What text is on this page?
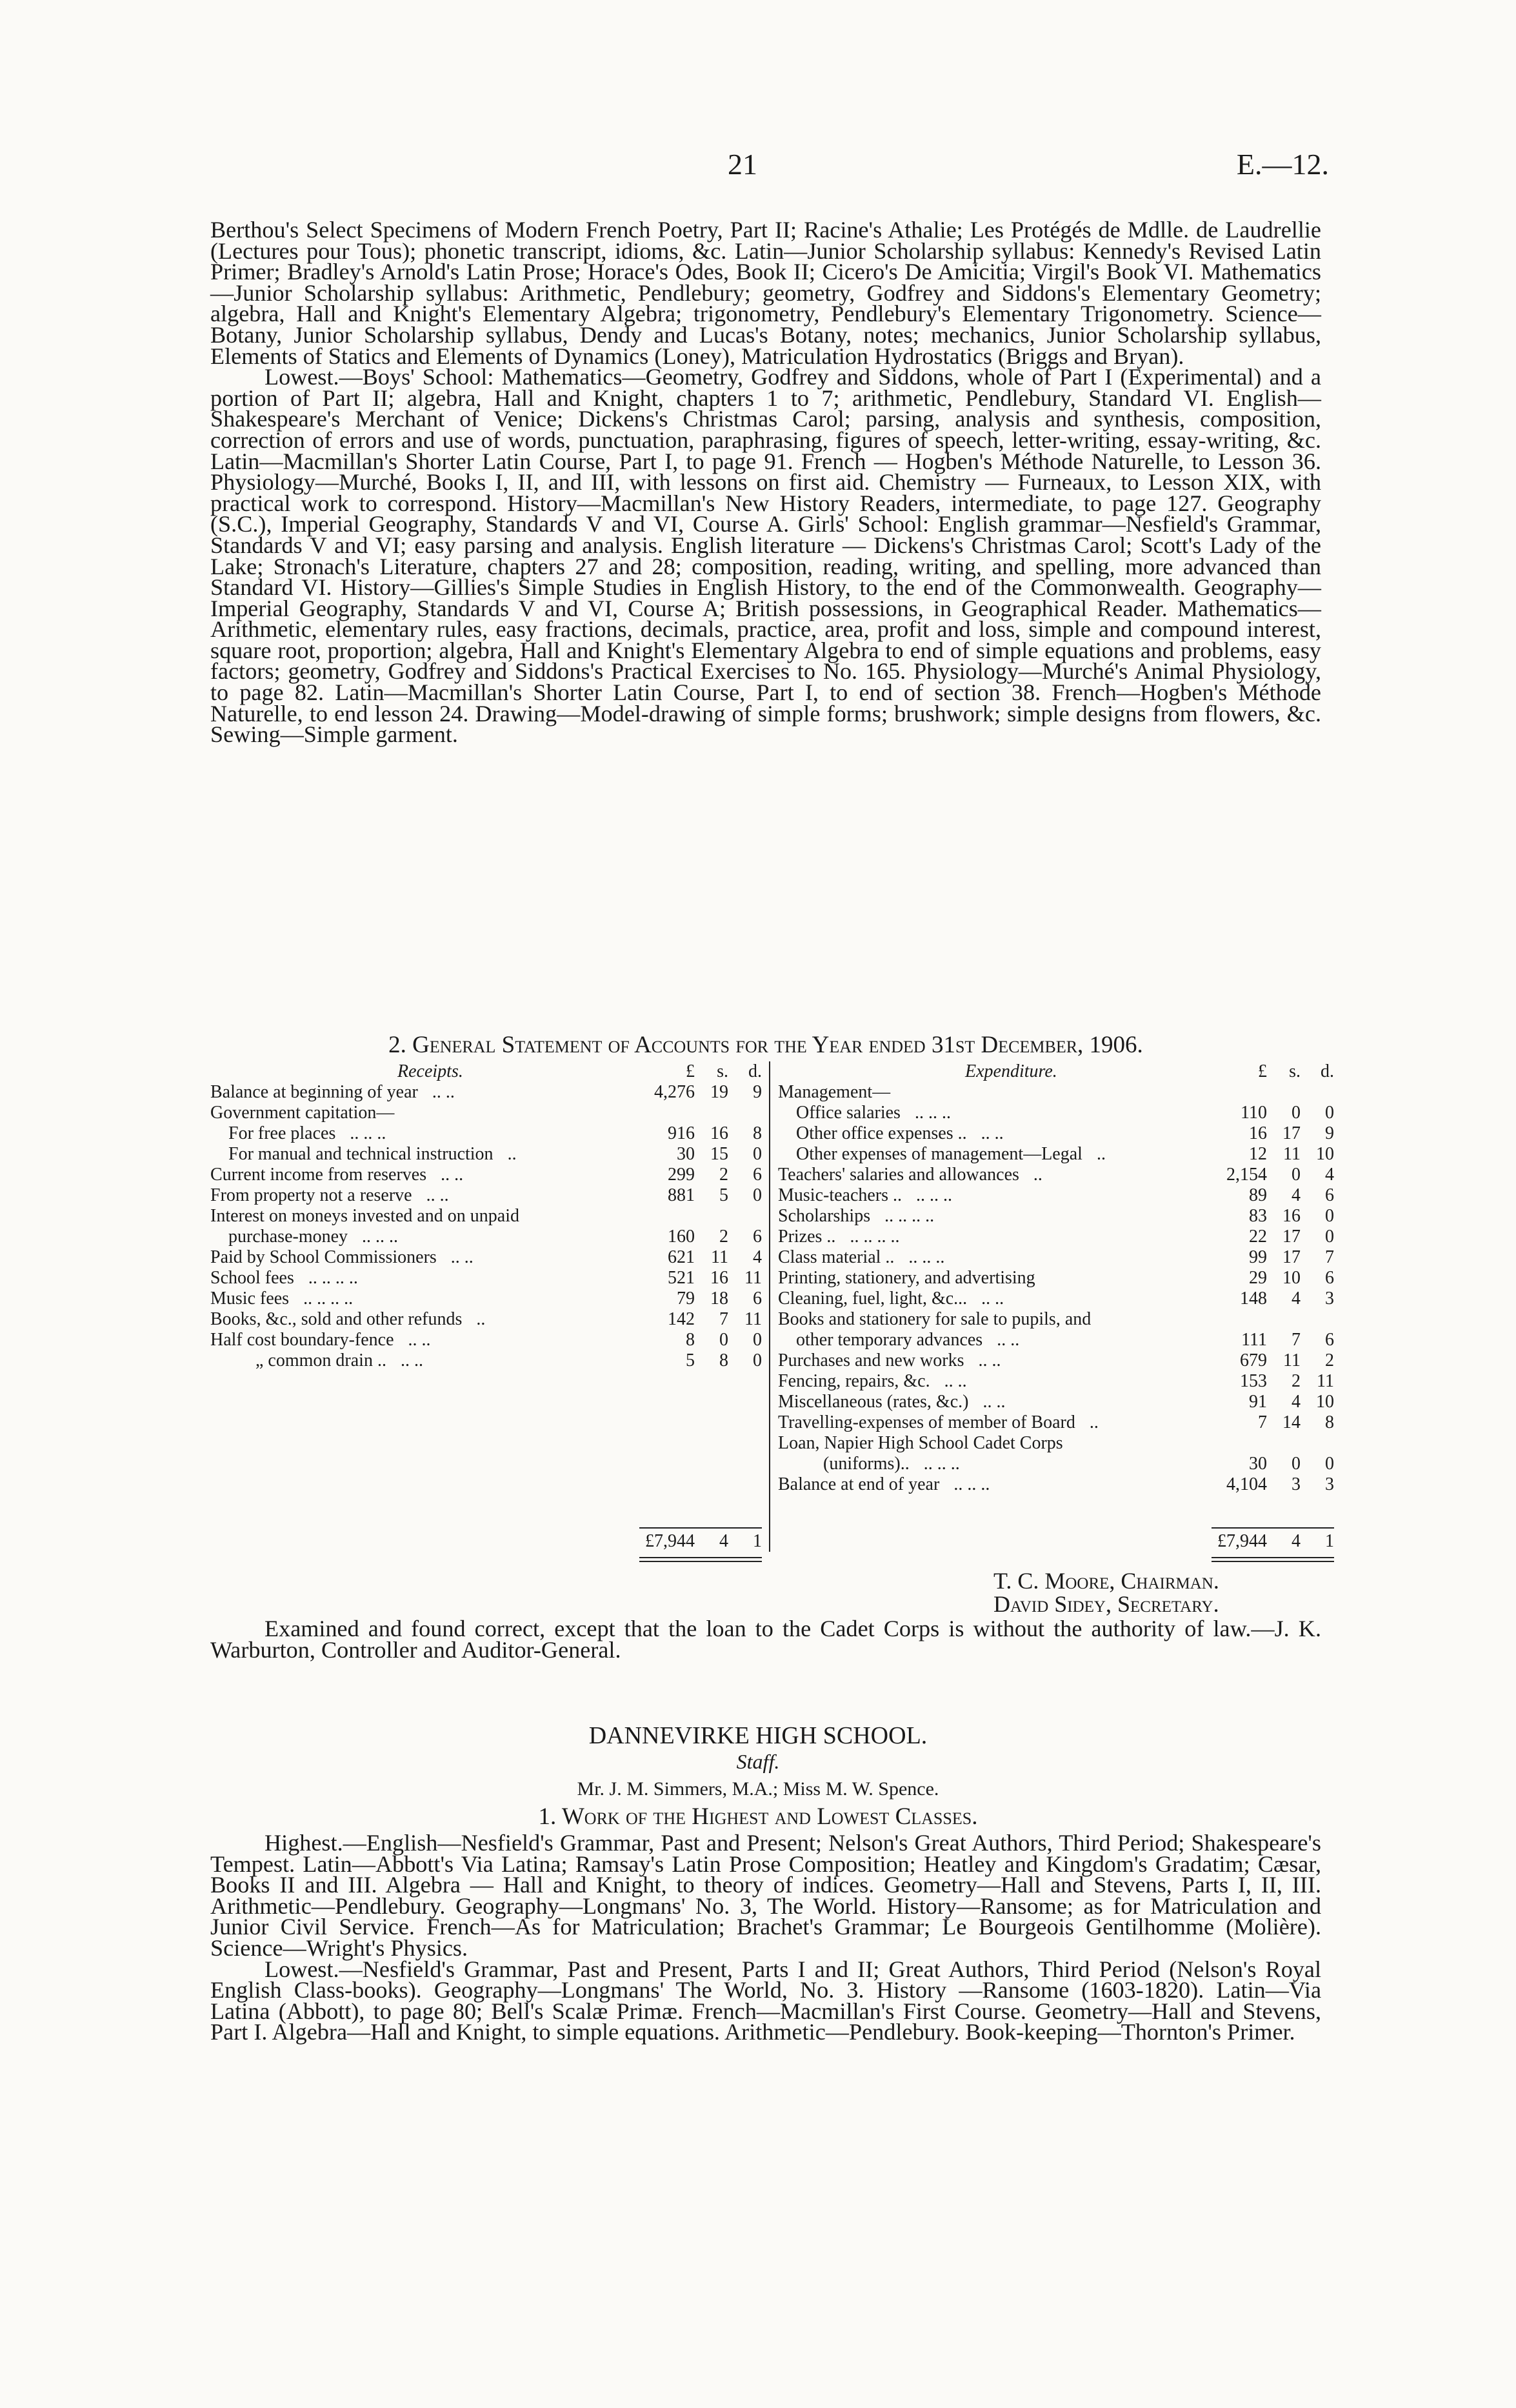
21	E.—12.

Berthou's Select Specimens of Modern French Poetry, Part II; Racine's Athalie; Les Protégés de Mdlle. de Laudrellie (Lectures pour Tous); phonetic transcript, idioms, &c. Latin—Junior Scholarship syllabus: Kennedy's Revised Latin Primer; Bradley's Arnold's Latin Prose; Horace's Odes, Book II; Cicero's De Amicitia; Virgil's Book VI. Mathematics—Junior Scholarship syllabus: Arithmetic, Pendlebury; geometry, Godfrey and Siddons's Elementary Geometry; algebra, Hall and Knight's Elementary Algebra; trigonometry, Pendlebury's Elementary Trigonometry. Science—Botany, Junior Scholarship syllabus, Dendy and Lucas's Botany, notes; mechanics, Junior Scholarship syllabus, Elements of Statics and Elements of Dynamics (Loney), Matriculation Hydrostatics (Briggs and Bryan).

Lowest.—Boys' School: Mathematics—Geometry, Godfrey and Siddons, whole of Part I (Experimental) and a portion of Part II; algebra, Hall and Knight, chapters 1 to 7; arithmetic, Pendlebury, Standard VI. English—Shakespeare's Merchant of Venice; Dickens's Christmas Carol; parsing, analysis and synthesis, composition, correction of errors and use of words, punctuation, paraphrasing, figures of speech, letter-writing, essay-writing, &c. Latin—Macmillan's Shorter Latin Course, Part I, to page 91. French — Hogben's Méthode Naturelle, to Lesson 36. Physiology—Murché, Books I, II, and III, with lessons on first aid. Chemistry — Furneaux, to Lesson XIX, with practical work to correspond. History—Macmillan's New History Readers, intermediate, to page 127. Geography (S.C.), Imperial Geography, Standards V and VI, Course A. Girls' School: English grammar—Nesfield's Grammar, Standards V and VI; easy parsing and analysis. English literature — Dickens's Christmas Carol; Scott's Lady of the Lake; Stronach's Literature, chapters 27 and 28; composition, reading, writing, and spelling, more advanced than Standard VI. History—Gillies's Simple Studies in English History, to the end of the Commonwealth. Geography—Imperial Geography, Standards V and VI, Course A; British possessions, in Geographical Reader. Mathematics—Arithmetic, elementary rules, easy fractions, decimals, practice, area, profit and loss, simple and compound interest, square root, proportion; algebra, Hall and Knight's Elementary Algebra to end of simple equations and problems, easy factors; geometry, Godfrey and Siddons's Practical Exercises to No. 165. Physiology—Murché's Animal Physiology, to page 82. Latin—Macmillan's Shorter Latin Course, Part I, to end of section 38. French—Hogben's Méthode Naturelle, to end lesson 24. Drawing—Model-drawing of simple forms; brushwork; simple designs from flowers, &c. Sewing—Simple garment.

2. General Statement of Accounts for the Year ended 31st December, 1906.
Receipts.	£	s.	d.
Balance at beginning of year .. ..	4,276	19	9
Government capitation—			
For free places .. .. ..	916	16	8
For manual and technical instruction ..	30	15	0
Current income from reserves .. ..	299	2	6
From property not a reserve .. ..	881	5	0
Interest on moneys invested and on unpaid			
purchase-money .. .. ..	160	2	6
Paid by School Commissioners .. ..	621	11	4
School fees .. .. .. ..	521	16	11
Music fees .. .. .. ..	79	18	6
Books, &c., sold and other refunds ..	142	7	11
Half cost boundary-fence .. ..	8	0	0
„ common drain .. .. ..	5	8	0
Expenditure.	£	s.	d.
Management—			
Office salaries .. .. ..	110	0	0
Other office expenses .. .. ..	16	17	9
Other expenses of management—Legal ..	12	11	10
Teachers' salaries and allowances ..	2,154	0	4
Music-teachers .. .. .. ..	89	4	6
Scholarships .. .. .. ..	83	16	0
Prizes .. .. .. .. ..	22	17	0
Class material .. .. .. ..	99	17	7
Printing, stationery, and advertising	29	10	6
Cleaning, fuel, light, &c... .. ..	148	4	3
Books and stationery for sale to pupils, and			
other temporary advances .. ..	111	7	6
Purchases and new works .. ..	679	11	2
Fencing, repairs, &c. .. ..	153	2	11
Miscellaneous (rates, &c.) .. ..	91	4	10
Travelling-expenses of member of Board ..	7	14	8
Loan, Napier High School Cadet Corps			
(uniforms).. .. .. ..	30	0	0
Balance at end of year .. .. ..	4,104	3	3
	£7,944	4	1
		£7,944	4	1
T. C. Moore, Chairman.
David Sidey, Secretary.

Examined and found correct, except that the loan to the Cadet Corps is without the authority of law.—J. K. Warburton, Controller and Auditor-General.

DANNEVIRKE HIGH SCHOOL.
Staff.
Mr. J. M. Simmers, M.A.; Miss M. W. Spence.
1. Work of the Highest and Lowest Classes.

Highest.—English—Nesfield's Grammar, Past and Present; Nelson's Great Authors, Third Period; Shakespeare's Tempest. Latin—Abbott's Via Latina; Ramsay's Latin Prose Composition; Heatley and Kingdom's Gradatim; Cæsar, Books II and III. Algebra — Hall and Knight, to theory of indices. Geometry—Hall and Stevens, Parts I, II, III. Arithmetic—Pendlebury. Geography—Longmans' No. 3, The World. History—Ransome; as for Matriculation and Junior Civil Service. French—As for Matriculation; Brachet's Grammar; Le Bourgeois Gentilhomme (Molière). Science—Wright's Physics.

Lowest.—Nesfield's Grammar, Past and Present, Parts I and II; Great Authors, Third Period (Nelson's Royal English Class-books). Geography—Longmans' The World, No. 3. History —Ransome (1603-1820). Latin—Via Latina (Abbott), to page 80; Bell's Scalæ Primæ. French—Macmillan's First Course. Geometry—Hall and Stevens, Part I. Algebra—Hall and Knight, to simple equations. Arithmetic—Pendlebury. Book-keeping—Thornton's Primer.
